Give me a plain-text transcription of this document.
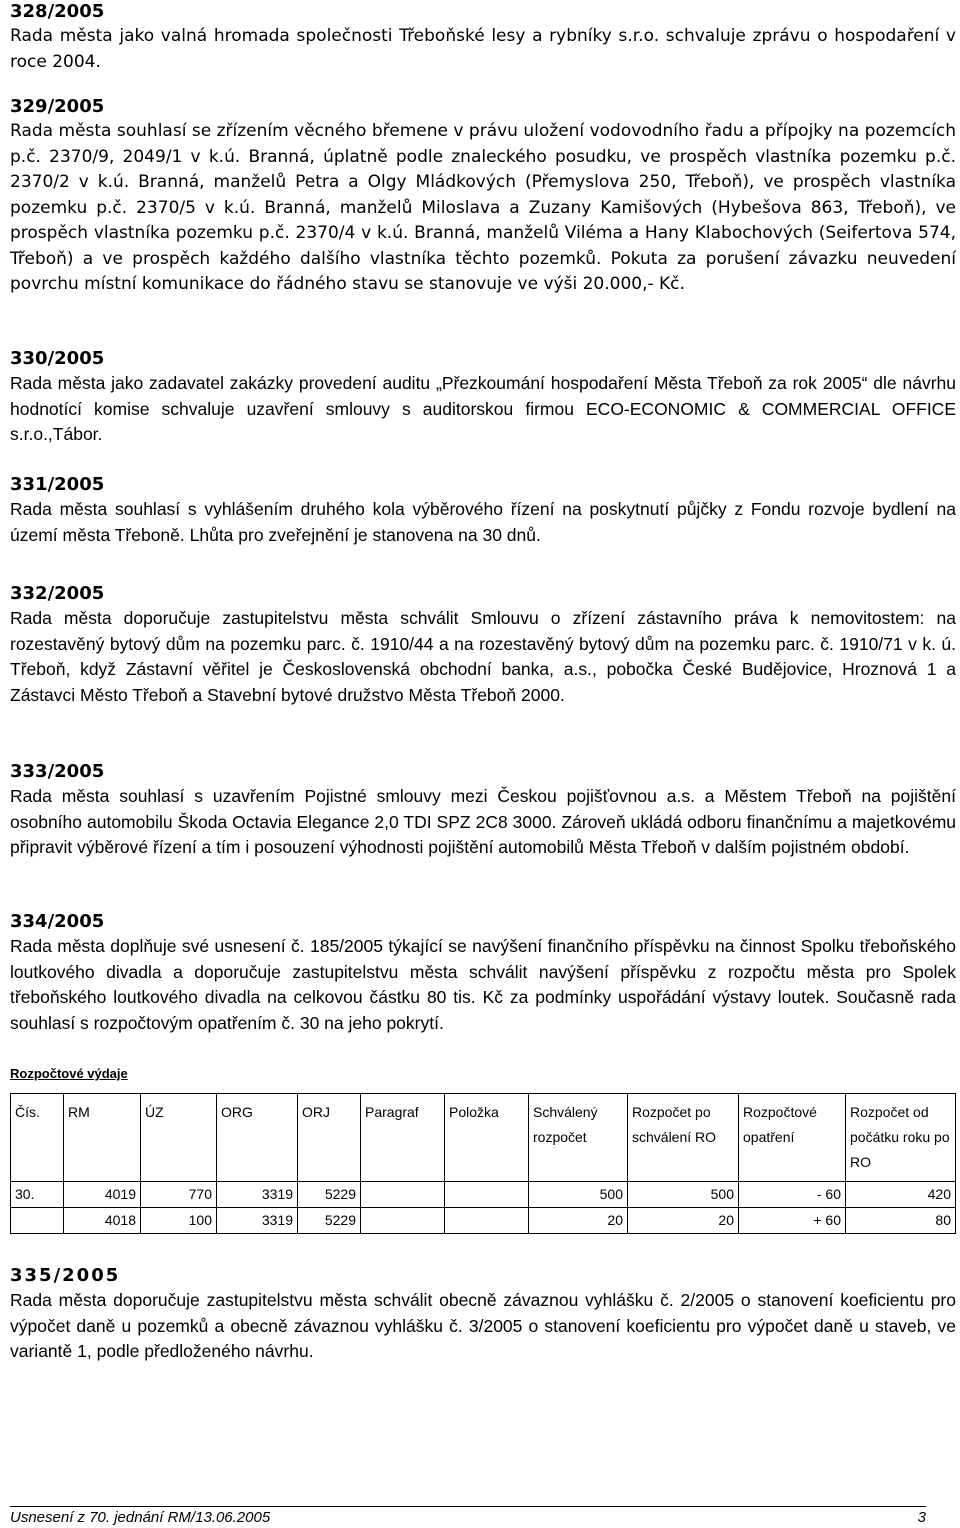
328/2005

Rada města jako valná hromada společnosti Třeboňské lesy a rybníky s.r.o. schvaluje zprávu o hospodaření v roce 2004.

329/2005

Rada města souhlasí se zřízením věcného břemene v právu uložení vodovodního řadu a přípojky na pozemcích p.č. 2370/9, 2049/1 v k.ú. Branná, úplatně podle znaleckého posudku, ve prospěch vlastníka pozemku p.č. 2370/2 v k.ú. Branná, manželů Petra a Olgy Mládkových (Přemyslova 250, Třeboň), ve prospěch vlastníka pozemku p.č. 2370/5 v k.ú. Branná, manželů Miloslava a Zuzany Kamišových (Hybešova 863, Třeboň), ve prospěch vlastníka pozemku p.č. 2370/4 v k.ú. Branná, manželů Viléma a Hany Klabochových (Seifertova 574, Třeboň) a ve prospěch každého dalšího vlastníka těchto pozemků. Pokuta za porušení závazku neuvedení povrchu místní komunikace do řádného stavu se stanovuje ve výši 20.000,- Kč.

330/2005

Rada města jako zadavatel zakázky provedení auditu „Přezkoumání hospodaření Města Třeboň za rok 2005“ dle návrhu hodnotící komise schvaluje uzavření smlouvy s auditorskou firmou ECO-ECONOMIC & COMMERCIAL OFFICE s.r.o.,Tábor.

331/2005

Rada města souhlasí s vyhlášením druhého kola výběrového řízení na poskytnutí půjčky z Fondu rozvoje bydlení na území města Třeboně. Lhůta pro zveřejnění je stanovena na 30 dnů.

332/2005

Rada města doporučuje zastupitelstvu města schválit Smlouvu o zřízení zástavního práva k nemovitostem: na rozestavěný bytový dům na pozemku parc. č. 1910/44 a na rozestavěný bytový dům na pozemku parc. č. 1910/71 v k. ú. Třeboň, když Zástavní věřitel je Československá obchodní banka, a.s., pobočka České Budějovice, Hroznová 1 a Zástavci Město Třeboň a Stavební bytové družstvo Města Třeboň 2000.

333/2005

Rada města souhlasí s uzavřením Pojistné smlouvy mezi Českou pojišťovnou a.s. a Městem Třeboň na pojištění osobního automobilu Škoda Octavia Elegance 2,0 TDI SPZ 2C8 3000. Zároveň ukládá odboru finančnímu a majetkovému připravit výběrové řízení a tím i posouzení výhodnosti pojištění automobilů Města Třeboň v dalším pojistném období.

334/2005

Rada města doplňuje své usnesení č. 185/2005 týkající se navýšení finančního příspěvku na činnost Spolku třeboňského loutkového divadla a doporučuje zastupitelstvu města schválit navýšení příspěvku z rozpočtu města pro Spolek třeboňského loutkového divadla na celkovou částku 80 tis. Kč za podmínky uspořádání výstavy loutek. Současně rada souhlasí s rozpočtovým opatřením č. 30 na jeho pokrytí.

Rozpočtové výdaje

Čís.	RM	ÚZ	ORG	ORJ	Paragraf	Položka	Schválený rozpočet	Rozpočet po schválení RO	Rozpočtové opatření	Rozpočet od počátku roku po RO
30.	4019	770	3319	5229			500	500	- 60	420
	4018	100	3319	5229			20	20	+ 60	80

335/2005

Rada města doporučuje zastupitelstvu města schválit obecně závaznou vyhlášku č. 2/2005 o stanovení koeficientu pro výpočet daně u pozemků a obecně závaznou vyhlášku č. 3/2005 o stanovení koeficientu pro výpočet daně u staveb, ve variantě 1, podle předloženého návrhu.

Usnesení z 70. jednání RM/13.06.2005	3
